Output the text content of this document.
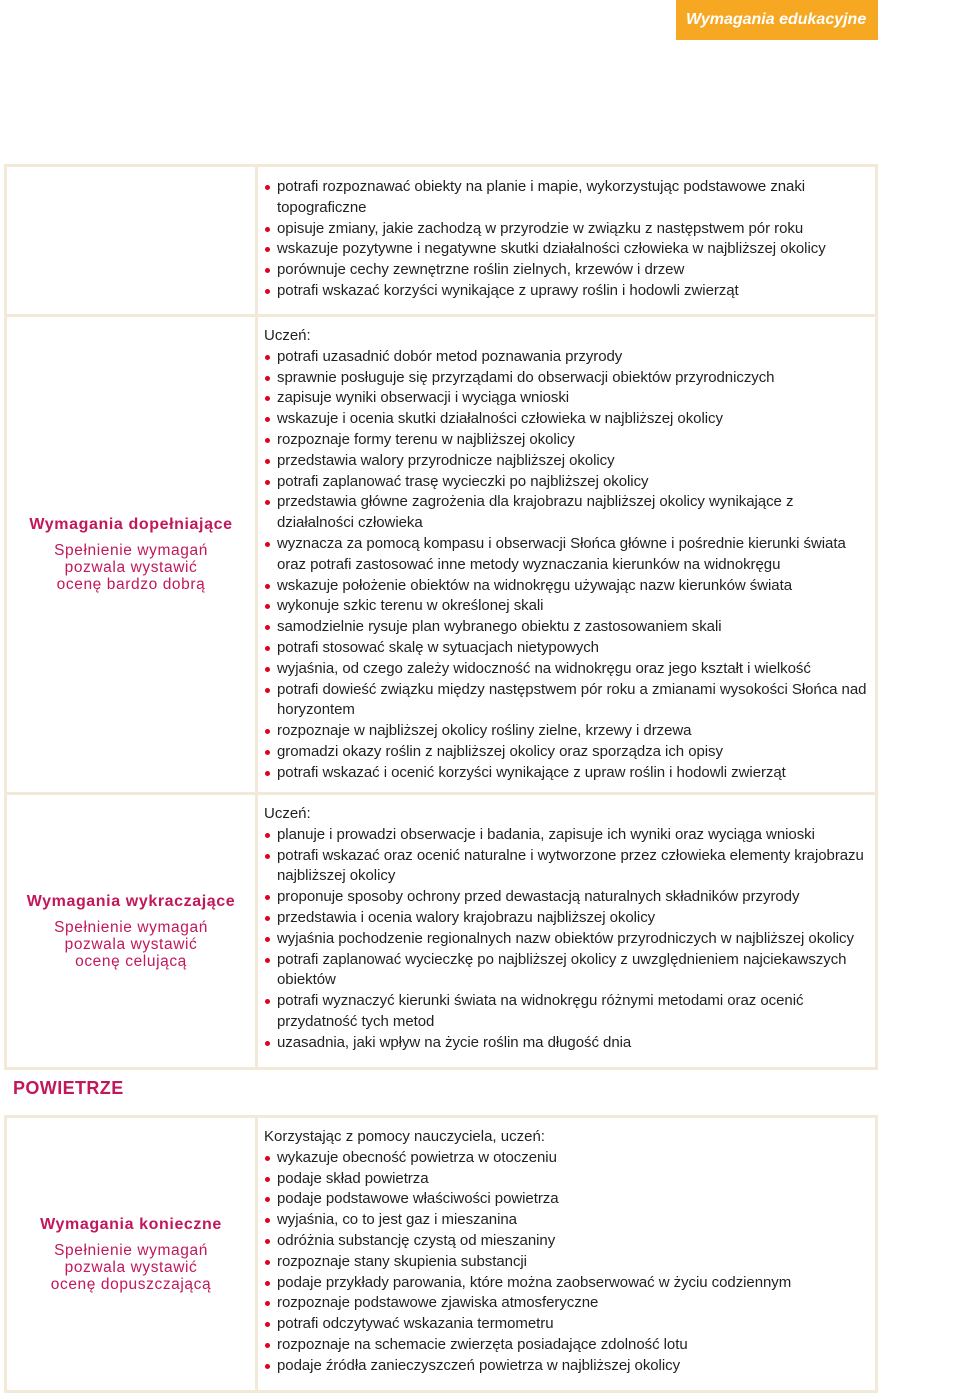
Wymagania edukacyjne
potrafi rozpoznawać obiekty na planie i mapie, wykorzystując podstawowe znaki topograficzne
opisuje zmiany, jakie zachodzą w przyrodzie w związku z następstwem pór roku
wskazuje pozytywne i negatywne skutki działalności człowieka w najbliższej okolicy
porównuje cechy zewnętrzne roślin zielnych, krzewów i drzew
potrafi wskazać korzyści wynikające z uprawy roślin i hodowli zwierząt
Wymagania dopełniające
Spełnienie wymagań
pozwala wystawić
ocenę bardzo dobrą
Uczeń:
potrafi uzasadnić dobór metod poznawania przyrody
sprawnie posługuje się przyrządami do obserwacji obiektów przyrodniczych
zapisuje wyniki obserwacji i wyciąga wnioski
wskazuje i ocenia skutki działalności człowieka w najbliższej okolicy
rozpoznaje formy terenu w najbliższej okolicy
przedstawia walory przyrodnicze najbliższej okolicy
potrafi zaplanować trasę wycieczki po najbliższej okolicy
przedstawia główne zagrożenia dla krajobrazu najbliższej okolicy wynikające z działalności człowieka
wyznacza za pomocą kompasu i obserwacji Słońca główne i pośrednie kierunki świata oraz potrafi zastosować inne metody wyznaczania kierunków na widnokręgu
wskazuje położenie obiektów na widnokręgu używając nazw kierunków świata
wykonuje szkic terenu w określonej skali
samodzielnie rysuje plan wybranego obiektu z zastosowaniem skali
potrafi stosować skalę w sytuacjach nietypowych
wyjaśnia, od czego zależy widoczność na widnokręgu oraz jego kształt i wielkość
potrafi dowieść związku między następstwem pór roku a zmianami wysokości Słońca nad horyzontem
rozpoznaje w najbliższej okolicy rośliny zielne, krzewy i drzewa
gromadzi okazy roślin z najbliższej okolicy oraz sporządza ich opisy
potrafi wskazać i ocenić korzyści wynikające z upraw roślin i hodowli zwierząt
Wymagania wykraczające
Spełnienie wymagań
pozwala wystawić
ocenę celującą
Uczeń:
planuje i prowadzi obserwacje i badania, zapisuje ich wyniki oraz wyciąga wnioski
potrafi wskazać oraz ocenić naturalne i wytworzone przez człowieka elementy krajobrazu najbliższej okolicy
proponuje sposoby ochrony przed dewastacją naturalnych składników przyrody
przedstawia i ocenia walory krajobrazu najbliższej okolicy
wyjaśnia pochodzenie regionalnych nazw obiektów przyrodniczych w najbliższej okolicy
potrafi zaplanować wycieczkę po najbliższej okolicy z uwzględnieniem najciekawszych obiektów
potrafi wyznaczyć kierunki świata na widnokręgu różnymi metodami oraz ocenić przydatność tych metod
uzasadnia, jaki wpływ na życie roślin ma długość dnia
POWIETRZE
Wymagania konieczne
Spełnienie wymagań
pozwala wystawić
ocenę dopuszczającą
Korzystając z pomocy nauczyciela, uczeń:
wykazuje obecność powietrza w otoczeniu
podaje skład powietrza
podaje podstawowe właściwości powietrza
wyjaśnia, co to jest gaz i mieszanina
odróżnia substancję czystą od mieszaniny
rozpoznaje stany skupienia substancji
podaje przykłady parowania, które można zaobserwować w życiu codziennym
rozpoznaje podstawowe zjawiska atmosferyczne
potrafi odczytywać wskazania termometru
rozpoznaje na schemacie zwierzęta posiadające zdolność lotu
podaje źródła zanieczyszczeń powietrza w najbliższej okolicy
